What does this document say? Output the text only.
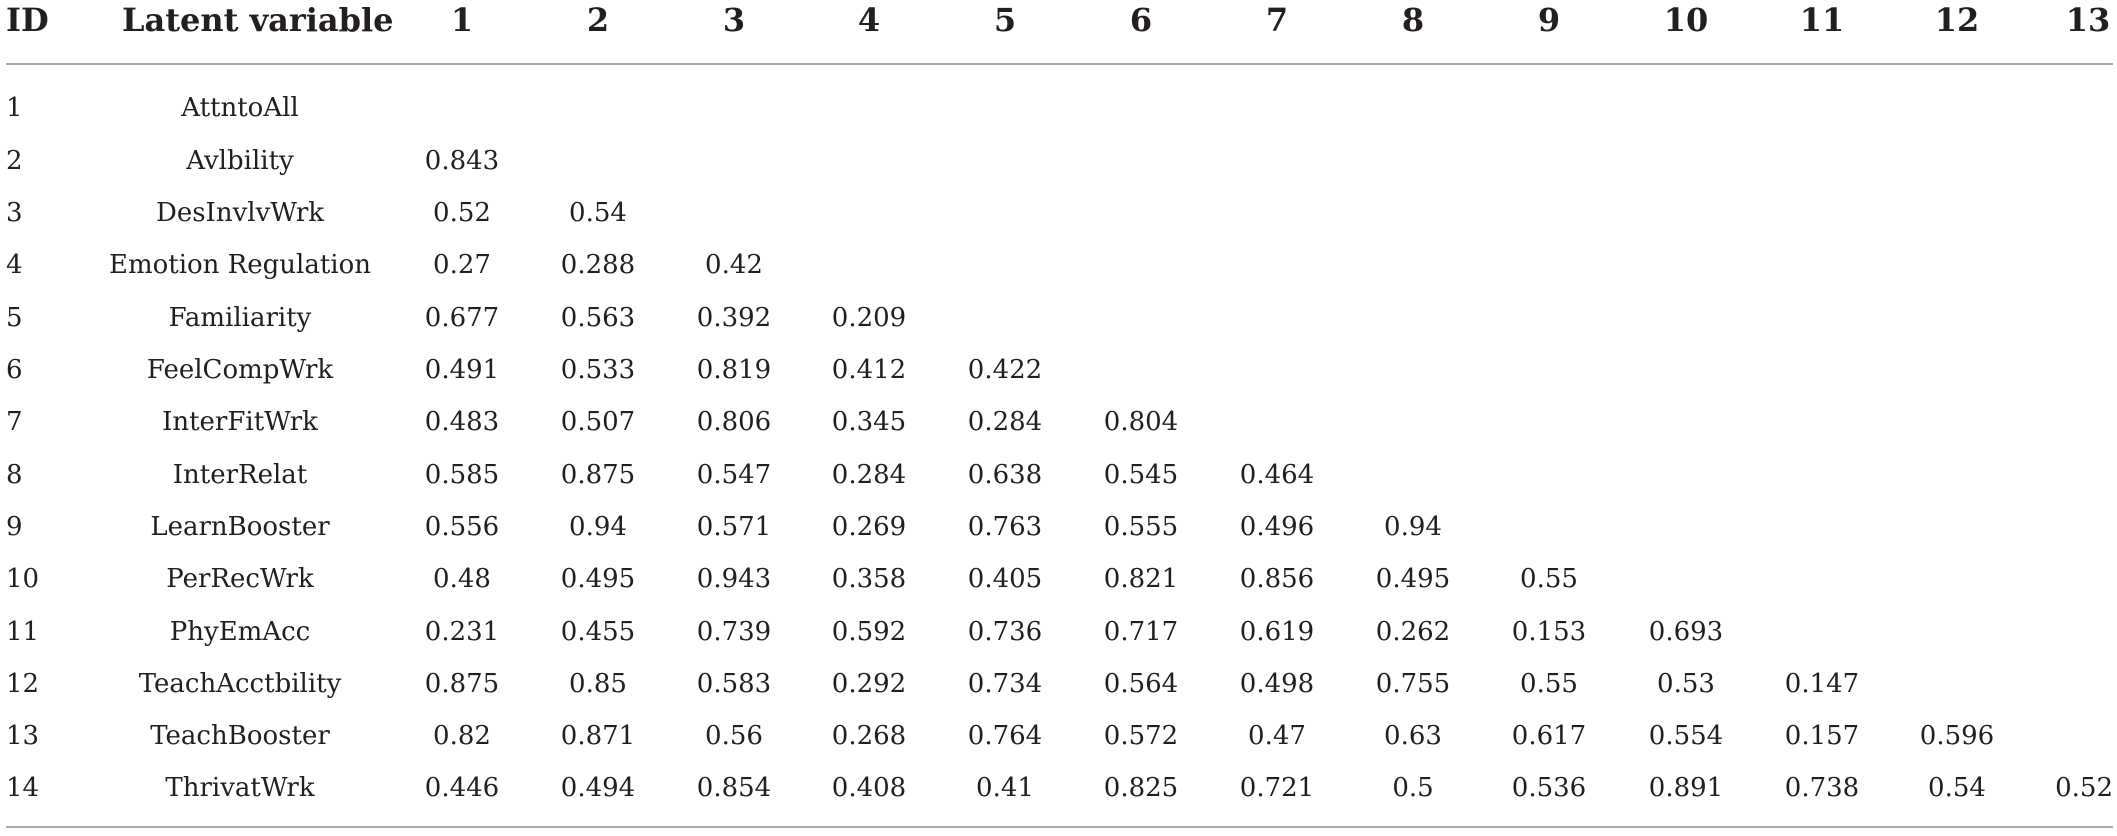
ID Latent variable	1	2	3	4	5	6	7	8	9	10	11	12	13
1	AttntoAll
2	Avlbility	0.843
3	DesInvlvWrk	0.52	0.54
4	Emotion Regulation	0.27	0.288	0.42
5	Familiarity	0.677	0.563	0.392	0.209
6	FeelCompWrk	0.491	0.533	0.819	0.412	0.422
7	InterFitWrk	0.483	0.507	0.806	0.345	0.284	0.804
8	InterRelat	0.585	0.875	0.547	0.284	0.638	0.545	0.464
9	LearnBooster	0.556	0.94	0.571	0.269	0.763	0.555	0.496	0.94
10	PerRecWrk	0.48	0.495	0.943	0.358	0.405	0.821	0.856	0.495	0.55
11	PhyEmAcc	0.231	0.455	0.739	0.592	0.736	0.717	0.619	0.262	0.153	0.693
12	TeachAcctbility	0.875	0.85	0.583	0.292	0.734	0.564	0.498	0.755	0.55	0.53	0.147
13	TeachBooster	0.82	0.871	0.56	0.268	0.764	0.572	0.47	0.63	0.617	0.554	0.157	0.596
14	ThrivatWrk	0.446	0.494	0.854	0.408	0.41	0.825	0.721	0.5	0.536	0.891	0.738	0.54	0.52
